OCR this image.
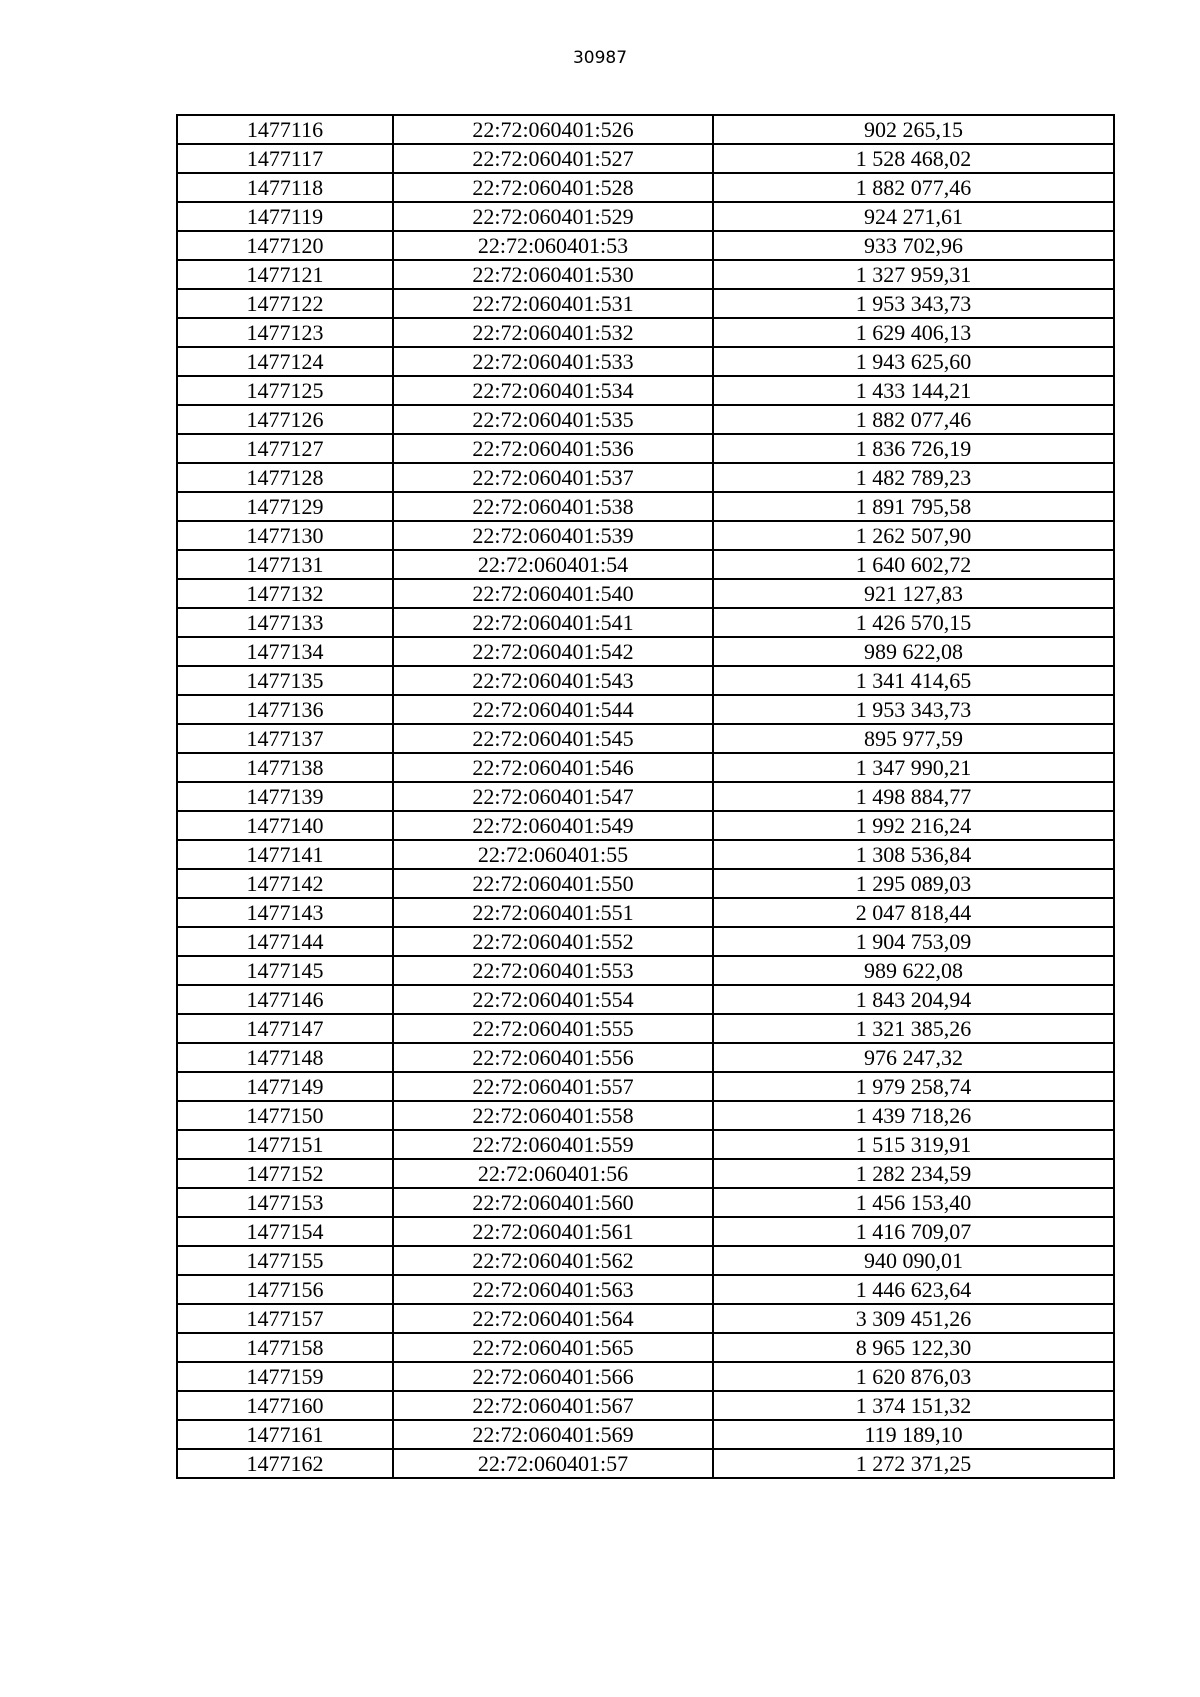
30987
1477116	22:72:060401:526	902 265,15
1477117	22:72:060401:527	1 528 468,02
1477118	22:72:060401:528	1 882 077,46
1477119	22:72:060401:529	924 271,61
1477120	22:72:060401:53	933 702,96
1477121	22:72:060401:530	1 327 959,31
1477122	22:72:060401:531	1 953 343,73
1477123	22:72:060401:532	1 629 406,13
1477124	22:72:060401:533	1 943 625,60
1477125	22:72:060401:534	1 433 144,21
1477126	22:72:060401:535	1 882 077,46
1477127	22:72:060401:536	1 836 726,19
1477128	22:72:060401:537	1 482 789,23
1477129	22:72:060401:538	1 891 795,58
1477130	22:72:060401:539	1 262 507,90
1477131	22:72:060401:54	1 640 602,72
1477132	22:72:060401:540	921 127,83
1477133	22:72:060401:541	1 426 570,15
1477134	22:72:060401:542	989 622,08
1477135	22:72:060401:543	1 341 414,65
1477136	22:72:060401:544	1 953 343,73
1477137	22:72:060401:545	895 977,59
1477138	22:72:060401:546	1 347 990,21
1477139	22:72:060401:547	1 498 884,77
1477140	22:72:060401:549	1 992 216,24
1477141	22:72:060401:55	1 308 536,84
1477142	22:72:060401:550	1 295 089,03
1477143	22:72:060401:551	2 047 818,44
1477144	22:72:060401:552	1 904 753,09
1477145	22:72:060401:553	989 622,08
1477146	22:72:060401:554	1 843 204,94
1477147	22:72:060401:555	1 321 385,26
1477148	22:72:060401:556	976 247,32
1477149	22:72:060401:557	1 979 258,74
1477150	22:72:060401:558	1 439 718,26
1477151	22:72:060401:559	1 515 319,91
1477152	22:72:060401:56	1 282 234,59
1477153	22:72:060401:560	1 456 153,40
1477154	22:72:060401:561	1 416 709,07
1477155	22:72:060401:562	940 090,01
1477156	22:72:060401:563	1 446 623,64
1477157	22:72:060401:564	3 309 451,26
1477158	22:72:060401:565	8 965 122,30
1477159	22:72:060401:566	1 620 876,03
1477160	22:72:060401:567	1 374 151,32
1477161	22:72:060401:569	119 189,10
1477162	22:72:060401:57	1 272 371,25
